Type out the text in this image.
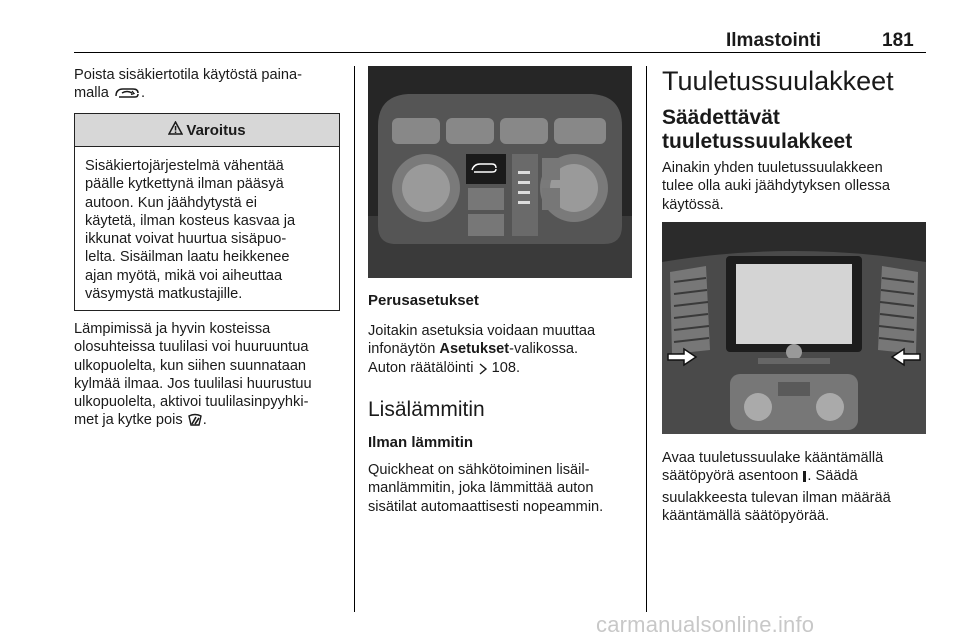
Ilmastointi	181
Poista sisäkiertotila käytöstä paina-
malla .
Varoitus
Sisäkiertojärjestelmä vähentää
päälle kytkettynä ilman pääsyä
autoon. Kun jäähdytystä ei
käytetä, ilman kosteus kasvaa ja
ikkunat voivat huurtua sisäpuo-
lelta. Sisäilman laatu heikkenee
ajan myötä, mikä voi aiheuttaa
väsymystä matkustajille.
Lämpimissä ja hyvin kosteissa
olosuhteissa tuulilasi voi huuruuntua
ulkopuolelta, kun siihen suunnataan
kylmää ilmaa. Jos tuulilasi huurustuu
ulkopuolelta, aktivoi tuulilasinpyyhki-
met ja kytke pois .
Perusasetukset
Joitakin asetuksia voidaan muuttaa
infonäytön Asetukset-valikossa.
Auton räätälöinti  108.
Lisälämmitin
Ilman lämmitin
Quickheat on sähkötoiminen lisäil-
manlämmitin, joka lämmittää auton
sisätilat automaattisesti nopeammin.
Tuuletussuulakkeet
Säädettävät
tuuletussuulakkeet
Ainakin yhden tuuletussuulakkeen
tulee olla auki jäähdytyksen ollessa
käytössä.
Avaa tuuletussuulake kääntämällä
säätöpyörä asentoon . Säädä
suulakkeesta tulevan ilman määrää
kääntämällä säätöpyörää.
carmanualsonline.info
